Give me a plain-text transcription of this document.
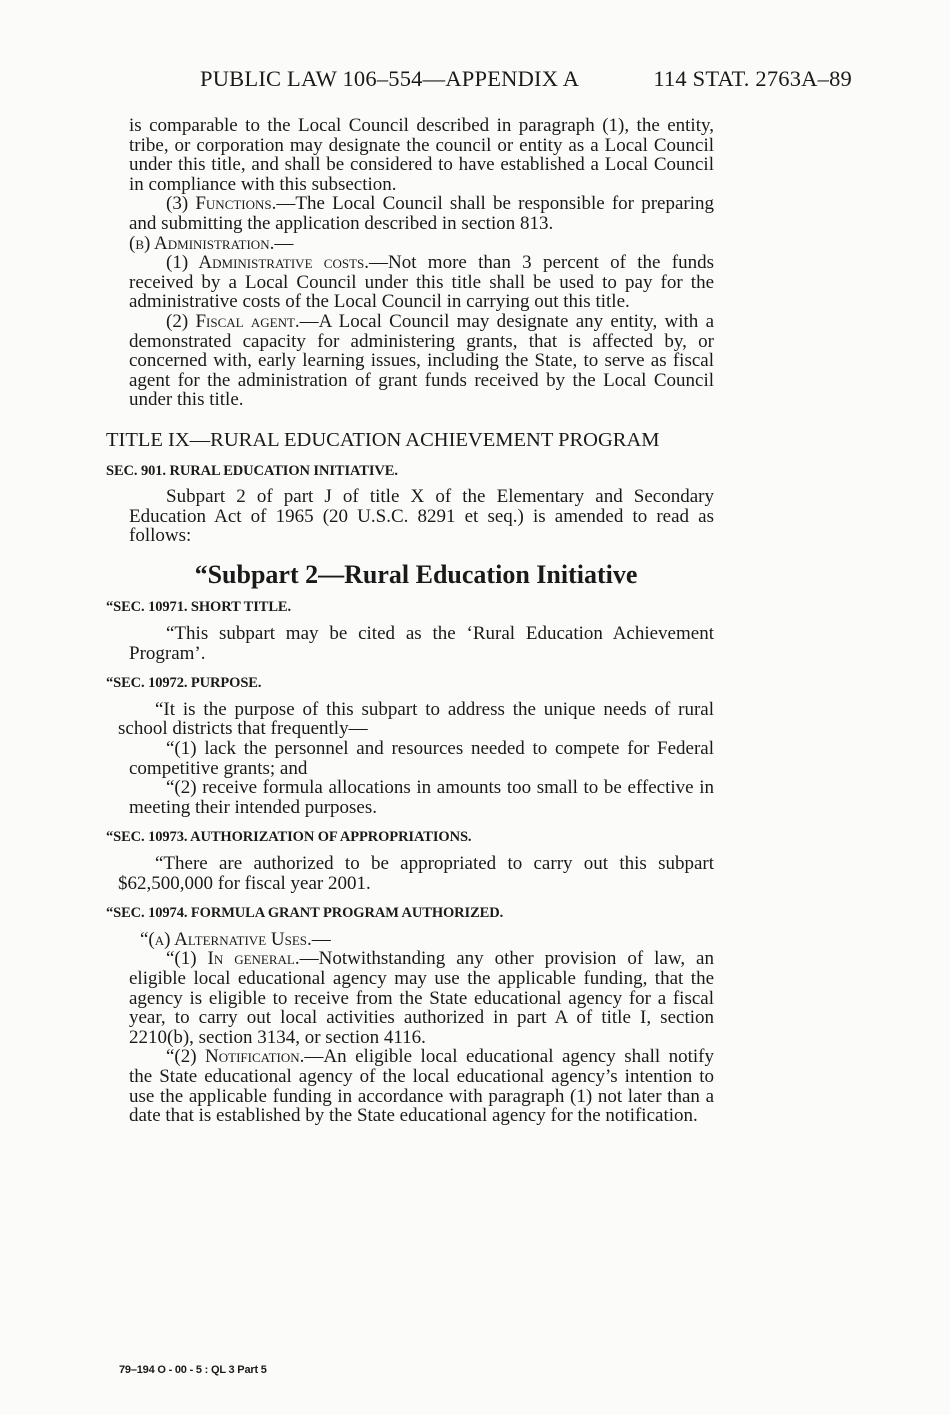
PUBLIC LAW 106–554—APPENDIX A	114 STAT. 2763A–89

is comparable to the Local Council described in paragraph (1), the entity, tribe, or corporation may designate the council or entity as a Local Council under this title, and shall be considered to have established a Local Council in compliance with this subsection.

(3) Functions.—The Local Council shall be responsible for preparing and submitting the application described in section 813.

(b) Administration.—

(1) Administrative costs.—Not more than 3 percent of the funds received by a Local Council under this title shall be used to pay for the administrative costs of the Local Council in carrying out this title.

(2) Fiscal agent.—A Local Council may designate any entity, with a demonstrated capacity for administering grants, that is affected by, or concerned with, early learning issues, including the State, to serve as fiscal agent for the administration of grant funds received by the Local Council under this title.

TITLE IX—RURAL EDUCATION ACHIEVEMENT PROGRAM
SEC. 901. RURAL EDUCATION INITIATIVE.

Subpart 2 of part J of title X of the Elementary and Secondary Education Act of 1965 (20 U.S.C. 8291 et seq.) is amended to read as follows:

“Subpart 2—Rural Education Initiative
“SEC. 10971. SHORT TITLE.

“This subpart may be cited as the ‘Rural Education Achievement Program’.

“SEC. 10972. PURPOSE.

“It is the purpose of this subpart to address the unique needs of rural school districts that frequently—

“(1) lack the personnel and resources needed to compete for Federal competitive grants; and

“(2) receive formula allocations in amounts too small to be effective in meeting their intended purposes.

“SEC. 10973. AUTHORIZATION OF APPROPRIATIONS.

“There are authorized to be appropriated to carry out this subpart $62,500,000 for fiscal year 2001.

“SEC. 10974. FORMULA GRANT PROGRAM AUTHORIZED.

“(a) Alternative Uses.—

“(1) In general.—Notwithstanding any other provision of law, an eligible local educational agency may use the applicable funding, that the agency is eligible to receive from the State educational agency for a fiscal year, to carry out local activities authorized in part A of title I, section 2210(b), section 3134, or section 4116.

“(2) Notification.—An eligible local educational agency shall notify the State educational agency of the local educational agency’s intention to use the applicable funding in accordance with paragraph (1) not later than a date that is established by the State educational agency for the notification.

79–194 O - 00 - 5 : QL 3 Part 5
